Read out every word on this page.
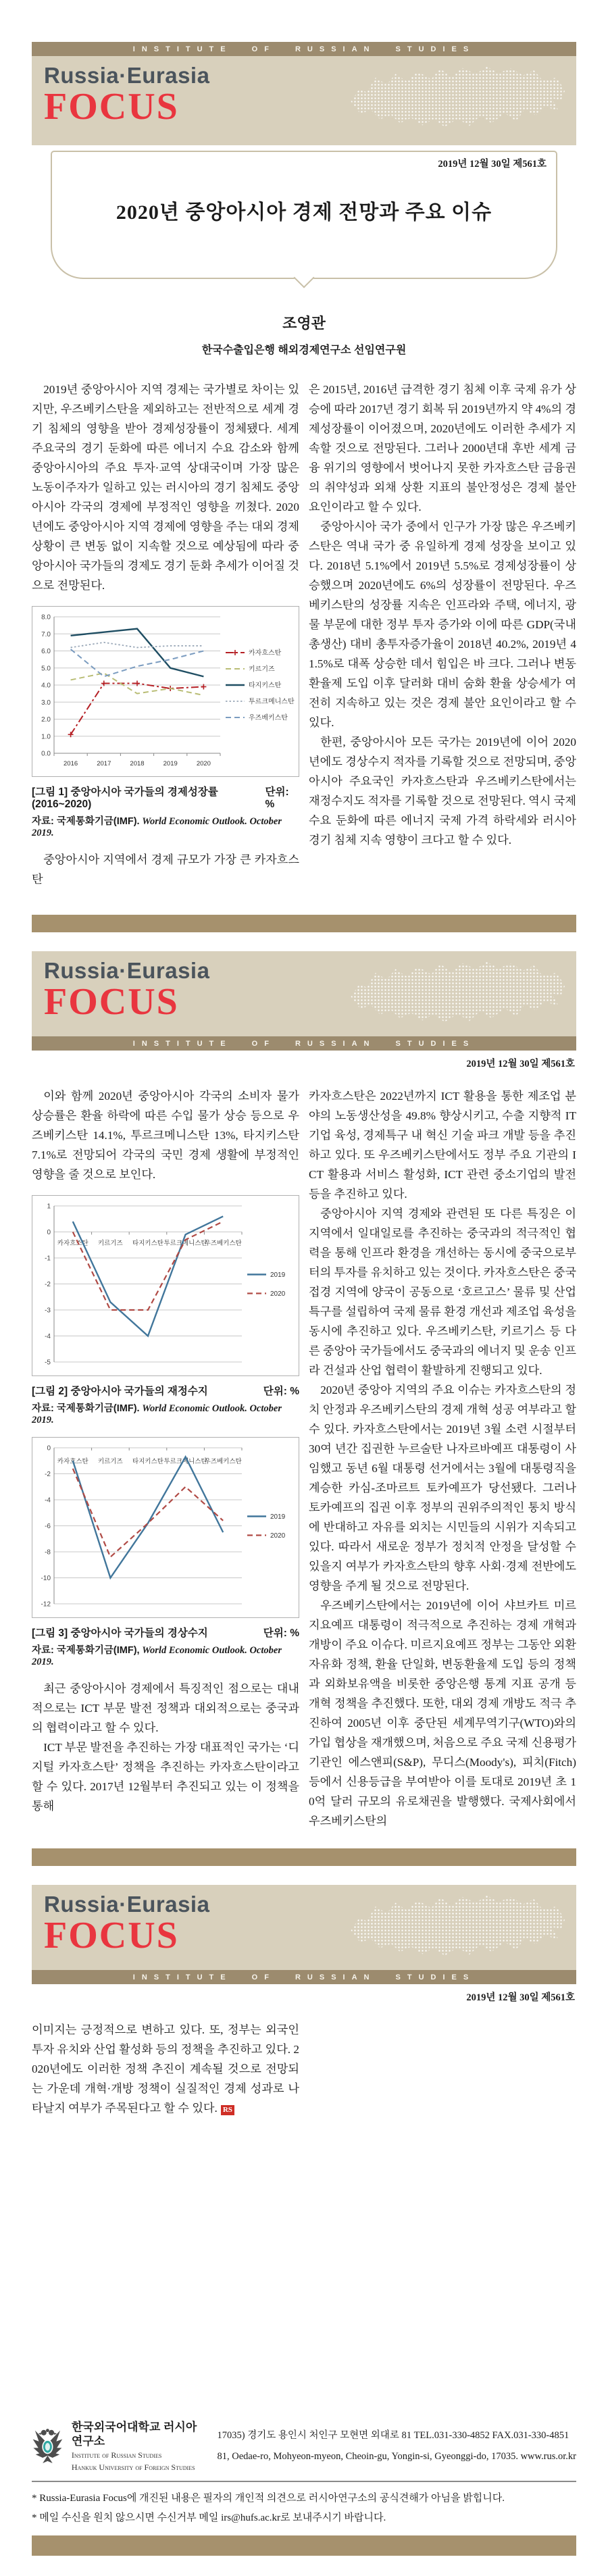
INSTITUTE OF RUSSIAN STUDIES
Russia·Eurasia
FOCUS
2019년 12월 30일 제561호
2020년 중앙아시아 경제 전망과 주요 이슈
조영관
한국수출입은행 해외경제연구소 선임연구원

2019년 중앙아시아 지역 경제는 국가별로 차이는 있지만, 우즈베키스탄을 제외하고는 전반적으로 세계 경기 침체의 영향을 받아 경제성장률이 정체됐다. 세계 주요국의 경기 둔화에 따른 에너지 수요 감소와 함께 중앙아시아의 주요 투자·교역 상대국이며 가장 많은 노동이주자가 일하고 있는 러시아의 경기 침체도 중앙아시아 각국의 경제에 부정적인 영향을 끼쳤다. 2020년에도 중앙아시아 지역 경제에 영향을 주는 대외 경제 상황이 큰 변동 없이 지속할 것으로 예상됨에 따라 중앙아시아 국가들의 경제도 경기 둔화 추세가 이어질 것으로 전망된다.

0.0
1.0
2.0
3.0
4.0
5.0
6.0
7.0
8.0
2016	2017	2018	2019	2020
카자흐스탄
키르기즈
타지키스탄
투르크메니스탄
우즈베키스탄
[그림 1] 중앙아시아 국가들의 경제성장률(2016~2020)
단위: %
자료: 국제통화기금(IMF). World Economic Outlook. October 2019.

중앙아시아 지역에서 경제 규모가 가장 큰 카자흐스탄

은 2015년, 2016년 급격한 경기 침체 이후 국제 유가 상승에 따라 2017년 경기 회복 뒤 2019년까지 약 4%의 경제성장률이 이어졌으며, 2020년에도 이러한 추세가 지속할 것으로 전망된다. 그러나 2000년대 후반 세계 금융 위기의 영향에서 벗어나지 못한 카자흐스탄 금융권의 취약성과 외채 상환 지표의 불안정성은 경제 불안 요인이라고 할 수 있다.

중앙아시아 국가 중에서 인구가 가장 많은 우즈베키스탄은 역내 국가 중 유일하게 경제 성장을 보이고 있다. 2018년 5.1%에서 2019년 5.5%로 경제성장률이 상승했으며 2020년에도 6%의 성장률이 전망된다. 우즈베키스탄의 성장률 지속은 인프라와 주택, 에너지, 광물 부문에 대한 정부 투자 증가와 이에 따른 GDP(국내총생산) 대비 총투자증가율이 2018년 40.2%, 2019년 41.5%로 대폭 상승한 데서 힘입은 바 크다. 그러나 변동환율제 도입 이후 달러화 대비 숨화 환율 상승세가 여전히 지속하고 있는 것은 경제 불안 요인이라고 할 수 있다.

한편, 중앙아시아 모든 국가는 2019년에 이어 2020년에도 경상수지 적자를 기록할 것으로 전망되며, 중앙아시아 주요국인 카자흐스탄과 우즈베키스탄에서는 재정수지도 적자를 기록할 것으로 전망된다. 역시 국제 수요 둔화에 따른 에너지 국제 가격 하락세와 러시아 경기 침체 지속 영향이 크다고 할 수 있다.

Russia·Eurasia
FOCUS
INSTITUTE OF RUSSIAN STUDIES
2019년 12월 30일 제561호

이와 함께 2020년 중앙아시아 각국의 소비자 물가 상승률은 환율 하락에 따른 수입 물가 상승 등으로 우즈베키스탄 14.1%, 투르크메니스탄 13%, 타지키스탄 7.1%로 전망되어 각국의 국민 경제 생활에 부정적인 영향을 줄 것으로 보인다.

1
0
-1
-2
-3
-4
-5
카자흐스탄 키르기즈 타지키스탄 투르크메니스탄
우즈베키스탄
2019
2020
[그림 2] 중앙아시아 국가들의 재정수지	단위: %
자료: 국제통화기금(IMF). World Economic Outlook. October 2019.
0
-2
-4
-6
-8
-10
-12
카자흐스탄 키르기즈 타지키스탄 투르크메니스탄
우즈베키스탄
2019
2020
[그림 3] 중앙아시아 국가들의 경상수지	단위: %
자료: 국제통화기금(IMF), World Economic Outlook. October 2019.

최근 중앙아시아 경제에서 특징적인 점으로는 대내적으로는 ICT 부문 발전 정책과 대외적으로는 중국과의 협력이라고 할 수 있다.

ICT 부문 발전을 추진하는 가장 대표적인 국가는 ‘디지털 카자흐스탄’ 정책을 추진하는 카자흐스탄이라고 할 수 있다. 2017년 12월부터 추진되고 있는 이 정책을 통해

카자흐스탄은 2022년까지 ICT 활용을 통한 제조업 분야의 노동생산성을 49.8% 향상시키고, 수출 지향적 IT 기업 육성, 경제특구 내 혁신 기술 파크 개발 등을 추진하고 있다. 또 우즈베키스탄에서도 정부 주요 기관의 ICT 활용과 서비스 활성화, ICT 관련 중소기업의 발전 등을 추진하고 있다.

중앙아시아 지역 경제와 관련된 또 다른 특징은 이 지역에서 일대일로를 추진하는 중국과의 적극적인 협력을 통해 인프라 환경을 개선하는 동시에 중국으로부터의 투자를 유치하고 있는 것이다. 카자흐스탄은 중국 접경 지역에 양국이 공동으로 ‘호르고스’ 물류 및 산업 특구를 설립하여 국제 물류 환경 개선과 제조업 육성을 동시에 추진하고 있다. 우즈베키스탄, 키르기스 등 다른 중앙아 국가들에서도 중국과의 에너지 및 운송 인프라 건설과 산업 협력이 활발하게 진행되고 있다.

2020년 중앙아 지역의 주요 이슈는 카자흐스탄의 정치 안정과 우즈베키스탄의 경제 개혁 성공 여부라고 할 수 있다. 카자흐스탄에서는 2019년 3월 소련 시절부터 30여 년간 집권한 누르술탄 나자르바예프 대통령이 사임했고 동년 6월 대통령 선거에서는 3월에 대통령직을 계승한 카심-조마르트 토카예프가 당선됐다. 그러나 토카예프의 집권 이후 정부의 권위주의적인 통치 방식에 반대하고 자유를 외치는 시민들의 시위가 지속되고 있다. 따라서 새로운 정부가 정치적 안정을 달성할 수 있을지 여부가 카자흐스탄의 향후 사회·경제 전반에도 영향을 주게 될 것으로 전망된다.

우즈베키스탄에서는 2019년에 이어 샤브카트 미르지요예프 대통령이 적극적으로 추진하는 경제 개혁과 개방이 주요 이슈다. 미르지요예프 정부는 그동안 외환 자유화 정책, 환율 단일화, 변동환율제 도입 등의 정책과 외화보유액을 비롯한 중앙은행 통계 지표 공개 등 개혁 정책을 추진했다. 또한, 대외 경제 개방도 적극 추진하여 2005년 이후 중단된 세계무역기구(WTO)와의 가입 협상을 재개했으며, 처음으로 주요 국제 신용평가 기관인 에스앤피(S&P), 무디스(Moody's), 피치(Fitch) 등에서 신용등급을 부여받아 이를 토대로 2019년 초 10억 달러 규모의 유로채권을 발행했다. 국제사회에서 우즈베키스탄의

Russia·Eurasia
FOCUS
INSTITUTE OF RUSSIAN STUDIES
2019년 12월 30일 제561호

이미지는 긍정적으로 변하고 있다. 또, 정부는 외국인 투자 유치와 산업 활성화 등의 정책을 추진하고 있다. 2020년에도 이러한 정책 추진이 계속될 것으로 전망되는 가운데 개혁·개방 정책이 실질적인 경제 성과로 나타날지 여부가 주목된다고 할 수 있다. RS

한국외국어대학교 러시아연구소
Institute of Russian Studies
Hankuk University of Foreign Studies
17035) 경기도 용인시 처인구 모현면 외대로 81 TEL.031-330-4852 FAX.031-330-4851
81, Oedae-ro, Mohyeon-myeon, Cheoin-gu, Yongin-si, Gyeonggi-do, 17035. www.rus.or.kr
* Russia-Eurasia Focus에 개진된 내용은 필자의 개인적 의견으로 러시아연구소의 공식견해가 아님을 밝힙니다.
* 메일 수신을 원치 않으시면 수신거부 메일 irs@hufs.ac.kr로 보내주시기 바랍니다.
